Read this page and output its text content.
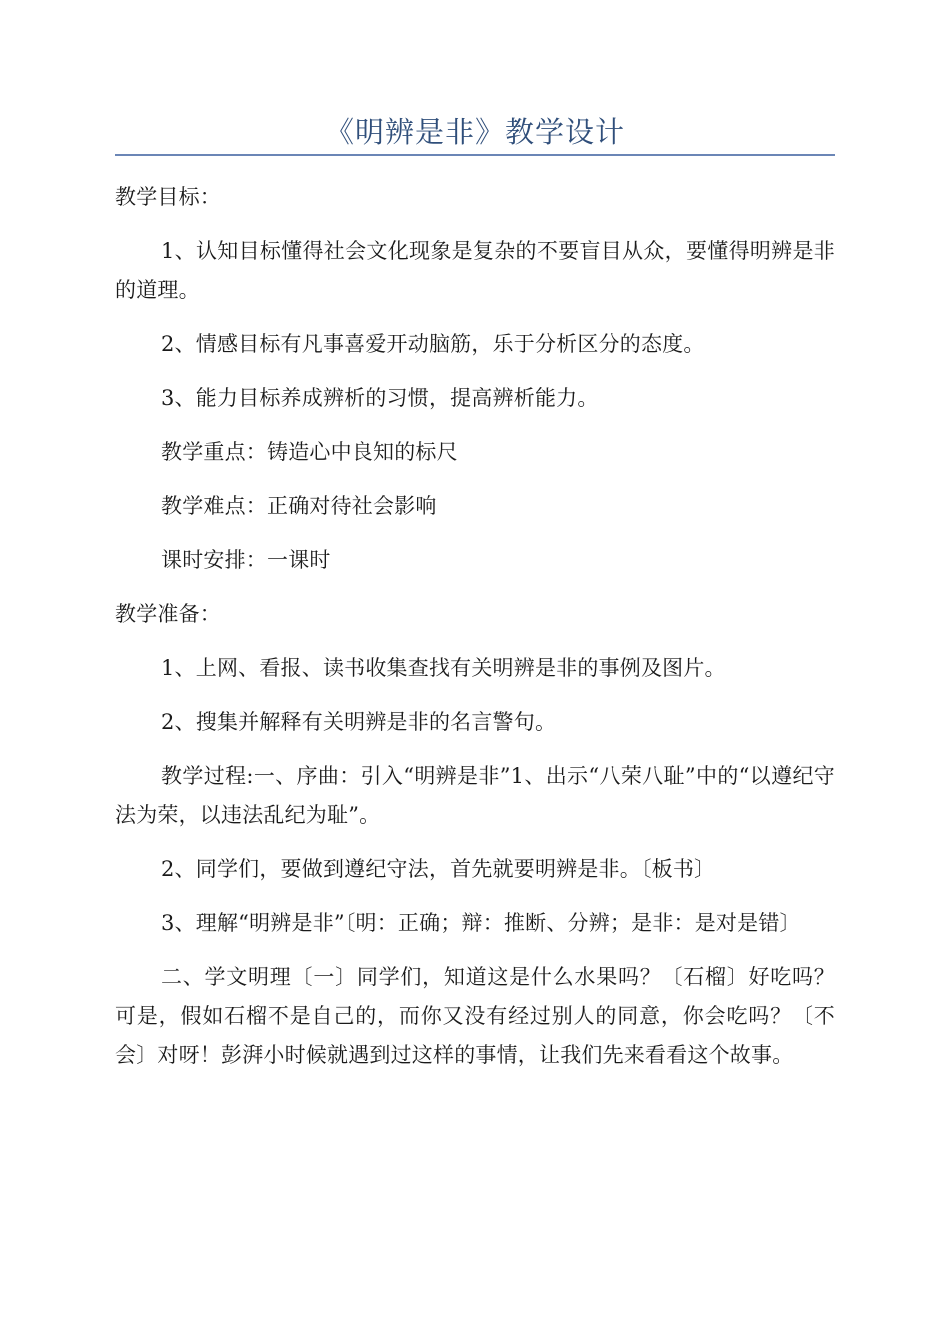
《明辨是非》教学设计

教学目标：

1、认知目标懂得社会文化现象是复杂的不要盲目从众，要懂得明辨是非的道理。

2、情感目标有凡事喜爱开动脑筋，乐于分析区分的态度。

3、能力目标养成辨析的习惯，提高辨析能力。

教学重点：铸造心中良知的标尺

教学难点：正确对待社会影响

课时安排：一课时

教学准备：

1、上网、看报、读书收集查找有关明辨是非的事例及图片。

2、搜集并解释有关明辨是非的名言警句。

教学过程:一、序曲：引入“明辨是非”1、出示“八荣八耻”中的“以遵纪守法为荣，以违法乱纪为耻”。

2、同学们，要做到遵纪守法，首先就要明辨是非。〔板书〕

3、理解“明辨是非”〔明：正确；辩：推断、分辨；是非：是对是错〕

二、学文明理〔一〕同学们，知道这是什么水果吗？〔石榴〕好吃吗？可是，假如石榴不是自己的，而你又没有经过别人的同意，你会吃吗？〔不会〕对呀！彭湃小时候就遇到过这样的事情，让我们先来看看这个故事。
